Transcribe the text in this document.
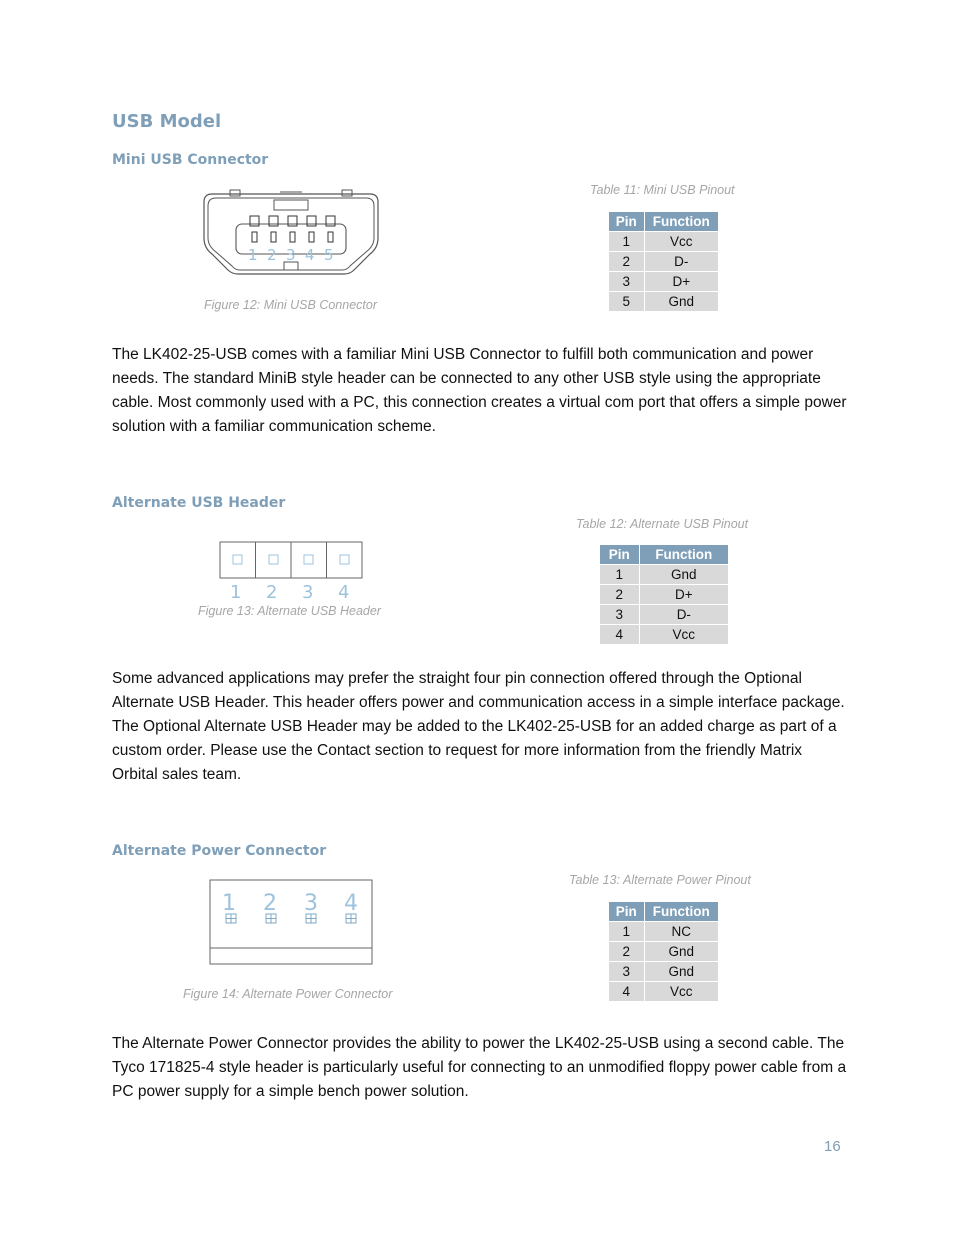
USB Model
Mini USB Connector
1 2 3 4 5
Figure 12: Mini USB Connector
Table 11: Mini USB Pinout
Pin	Function
1	Vcc
2	D-
3	D+
5	Gnd

The LK402-25-USB comes with a familiar Mini USB Connector to fulfill both communication and power needs. The standard MiniB style header can be connected to any other USB style using the appropriate cable. Most commonly used with a PC, this connection creates a virtual com port that offers a simple power solution with a familiar communication scheme.

Alternate USB Header
1 2 3 4
Figure 13: Alternate USB Header
Table 12: Alternate USB Pinout
Pin	Function
1	Gnd
2	D+
3	D-
4	Vcc

Some advanced applications may prefer the straight four pin connection offered through the Optional Alternate USB Header. This header offers power and communication access in a simple interface package. The Optional Alternate USB Header may be added to the LK402-25-USB for an added charge as part of a custom order. Please use the Contact section to request for more information from the friendly Matrix Orbital sales team.

Alternate Power Connector
1 2 3 4
Figure 14: Alternate Power Connector
Table 13: Alternate Power Pinout
Pin	Function
1	NC
2	Gnd
3	Gnd
4	Vcc

The Alternate Power Connector provides the ability to power the LK402-25-USB using a second cable. The Tyco 171825-4 style header is particularly useful for connecting to an unmodified floppy power cable from a PC power supply for a simple bench power solution.

16
